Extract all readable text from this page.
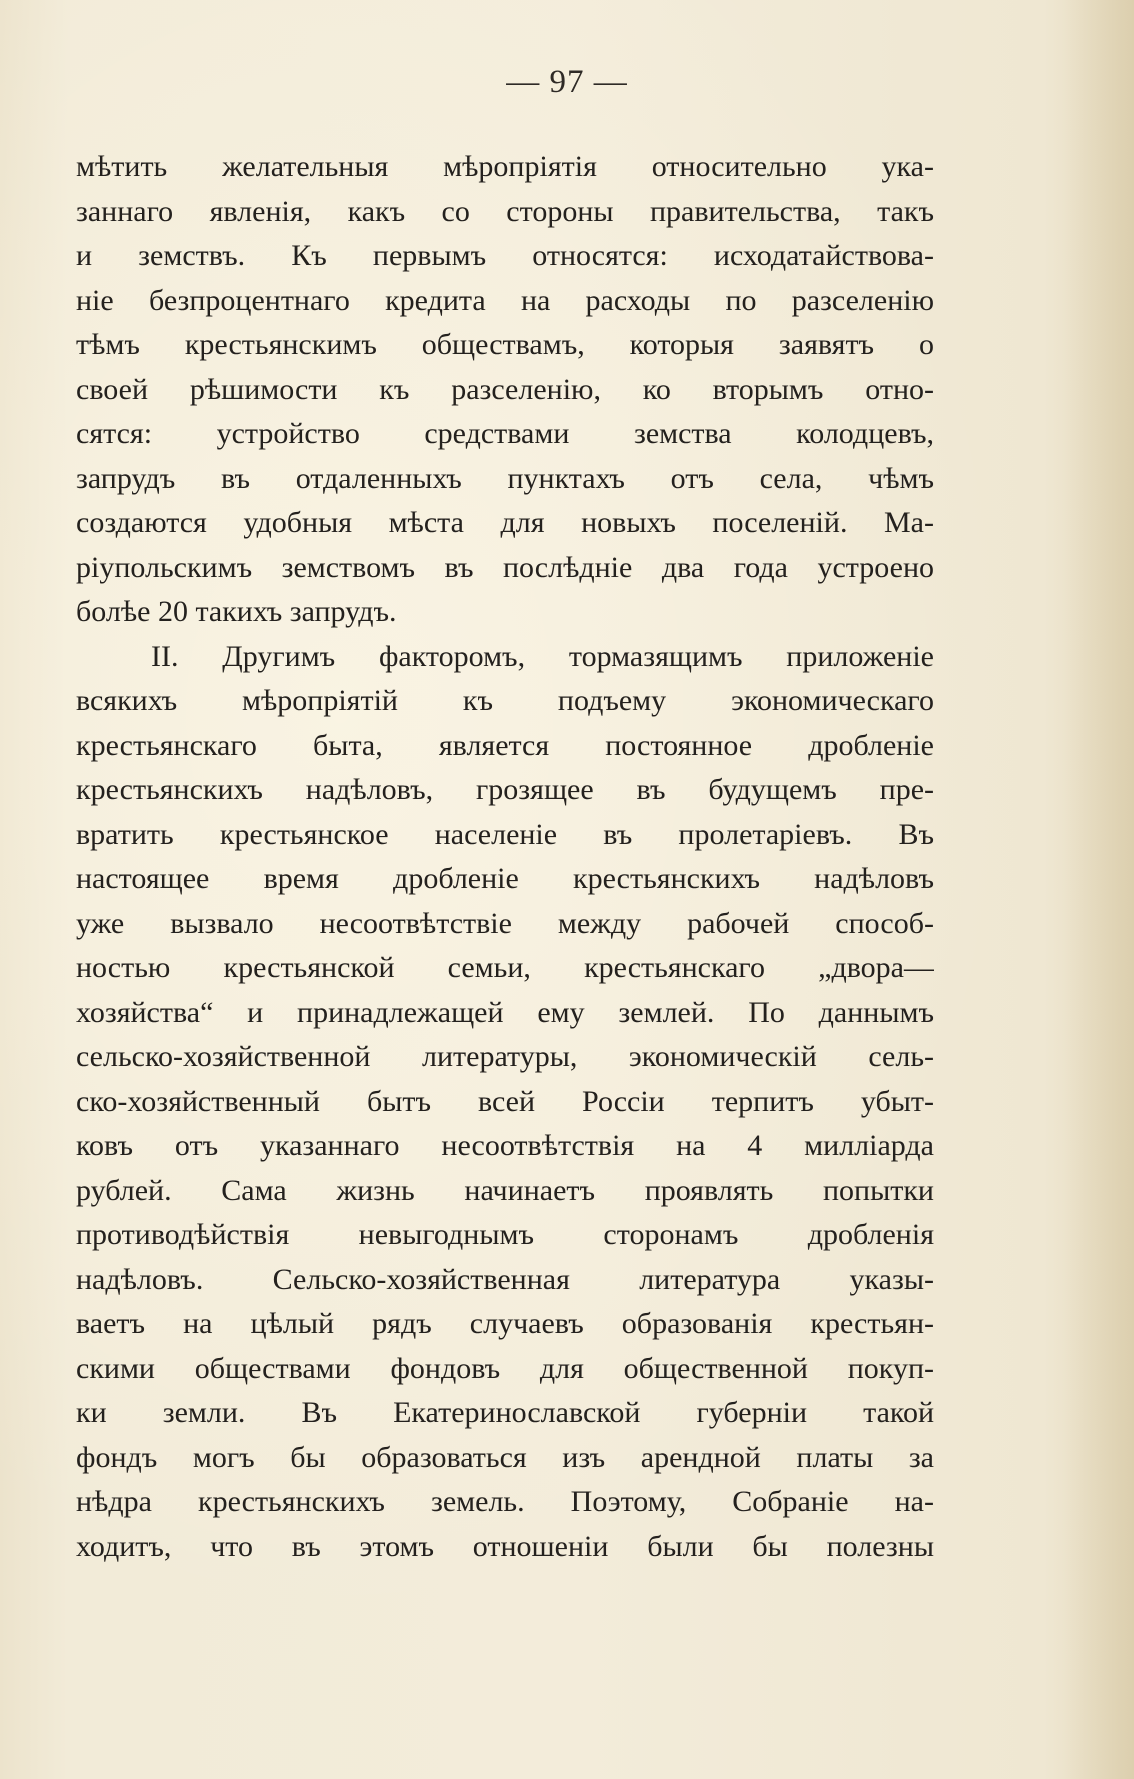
— 97 —
мѣтить желательныя мѣропріятія относительно ука-
заннаго явленія, какъ со стороны правительства, такъ
и земствъ. Къ первымъ относятся: исходатайствова-
ніе безпроцентнаго кредита на расходы по разселенію
тѣмъ крестьянскимъ обществамъ, которыя заявятъ о
своей рѣшимости къ разселенію, ко вторымъ отно-
сятся: устройство средствами земства колодцевъ,
запрудъ въ отдаленныхъ пунктахъ отъ села, чѣмъ
создаются удобныя мѣста для новыхъ поселеній. Ма-
ріупольскимъ земствомъ въ послѣдніе два года устроено
болѣе 20 такихъ запрудъ.
II. Другимъ факторомъ, тормазящимъ приложеніе
всякихъ мѣропріятій къ подъему экономическаго
крестьянскаго быта, является постоянное дробленіе
крестьянскихъ надѣловъ, грозящее въ будущемъ пре-
вратить крестьянское населеніе въ пролетаріевъ. Въ
настоящее время дробленіе крестьянскихъ надѣловъ
уже вызвало несоотвѣтствіе между рабочей способ-
ностью крестьянской семьи, крестьянскаго „двора—
хозяйства“ и принадлежащей ему землей. По даннымъ
сельско-хозяйственной литературы, экономическій сель-
ско-хозяйственный бытъ всей Россіи терпитъ убыт-
ковъ отъ указаннаго несоотвѣтствія на 4 милліарда
рублей. Сама жизнь начинаетъ проявлять попытки
противодѣйствія невыгоднымъ сторонамъ дробленія
надѣловъ. Сельско-хозяйственная литература указы-
ваетъ на цѣлый рядъ случаевъ образованія крестьян-
скими обществами фондовъ для общественной покуп-
ки земли. Въ Екатеринославской губерніи такой
фондъ могъ бы образоваться изъ арендной платы за
нѣдра крестьянскихъ земель. Поэтому, Собраніе на-
ходитъ, что въ этомъ отношеніи были бы полезны
